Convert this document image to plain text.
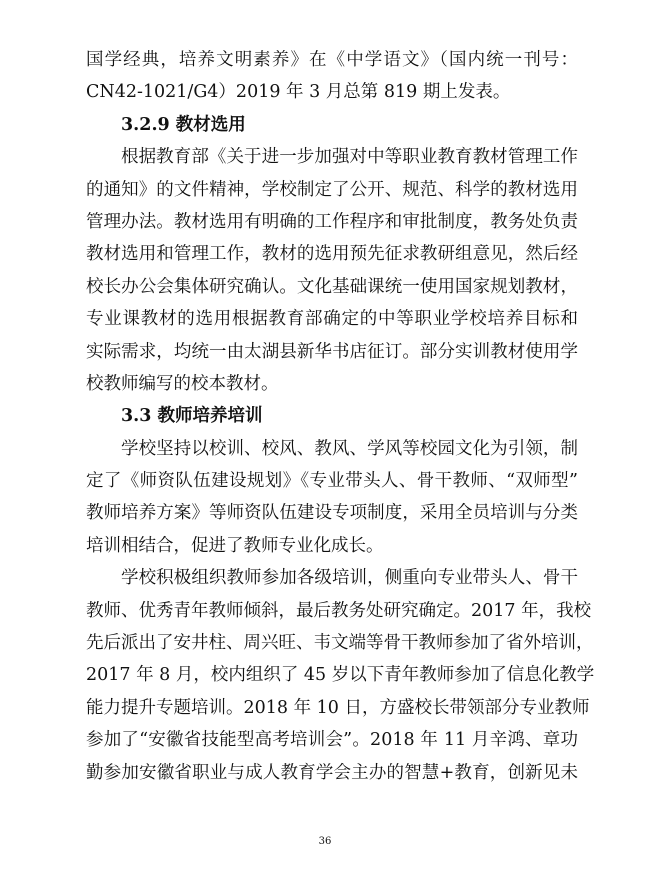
国学经典，培养文明素养》在《中学语文》（国内统一刊号：
CN42-1021/G4）2019 年 3 月总第 819 期上发表。
3.2.9 教材选用
根据教育部《关于进一步加强对中等职业教育教材管理工作
的通知》的文件精神，学校制定了公开、规范、科学的教材选用
管理办法。教材选用有明确的工作程序和审批制度，教务处负责
教材选用和管理工作，教材的选用预先征求教研组意见，然后经
校长办公会集体研究确认。文化基础课统一使用国家规划教材，
专业课教材的选用根据教育部确定的中等职业学校培养目标和
实际需求，均统一由太湖县新华书店征订。部分实训教材使用学
校教师编写的校本教材。
3.3 教师培养培训
学校坚持以校训、校风、教风、学风等校园文化为引领，制
定了《师资队伍建设规划》《专业带头人、骨干教师、“双师型”
教师培养方案》等师资队伍建设专项制度，采用全员培训与分类
培训相结合，促进了教师专业化成长。
学校积极组织教师参加各级培训，侧重向专业带头人、骨干
教师、优秀青年教师倾斜，最后教务处研究确定。2017 年，我校
先后派出了安井柱、周兴旺、韦文端等骨干教师参加了省外培训，
2017 年 8 月，校内组织了 45 岁以下青年教师参加了信息化教学
能力提升专题培训。2018 年 10 日，方盛校长带领部分专业教师
参加了“安徽省技能型高考培训会”。2018 年 11 月辛鸿、章功
勤参加安徽省职业与成人教育学会主办的智慧+教育，创新见未
36
